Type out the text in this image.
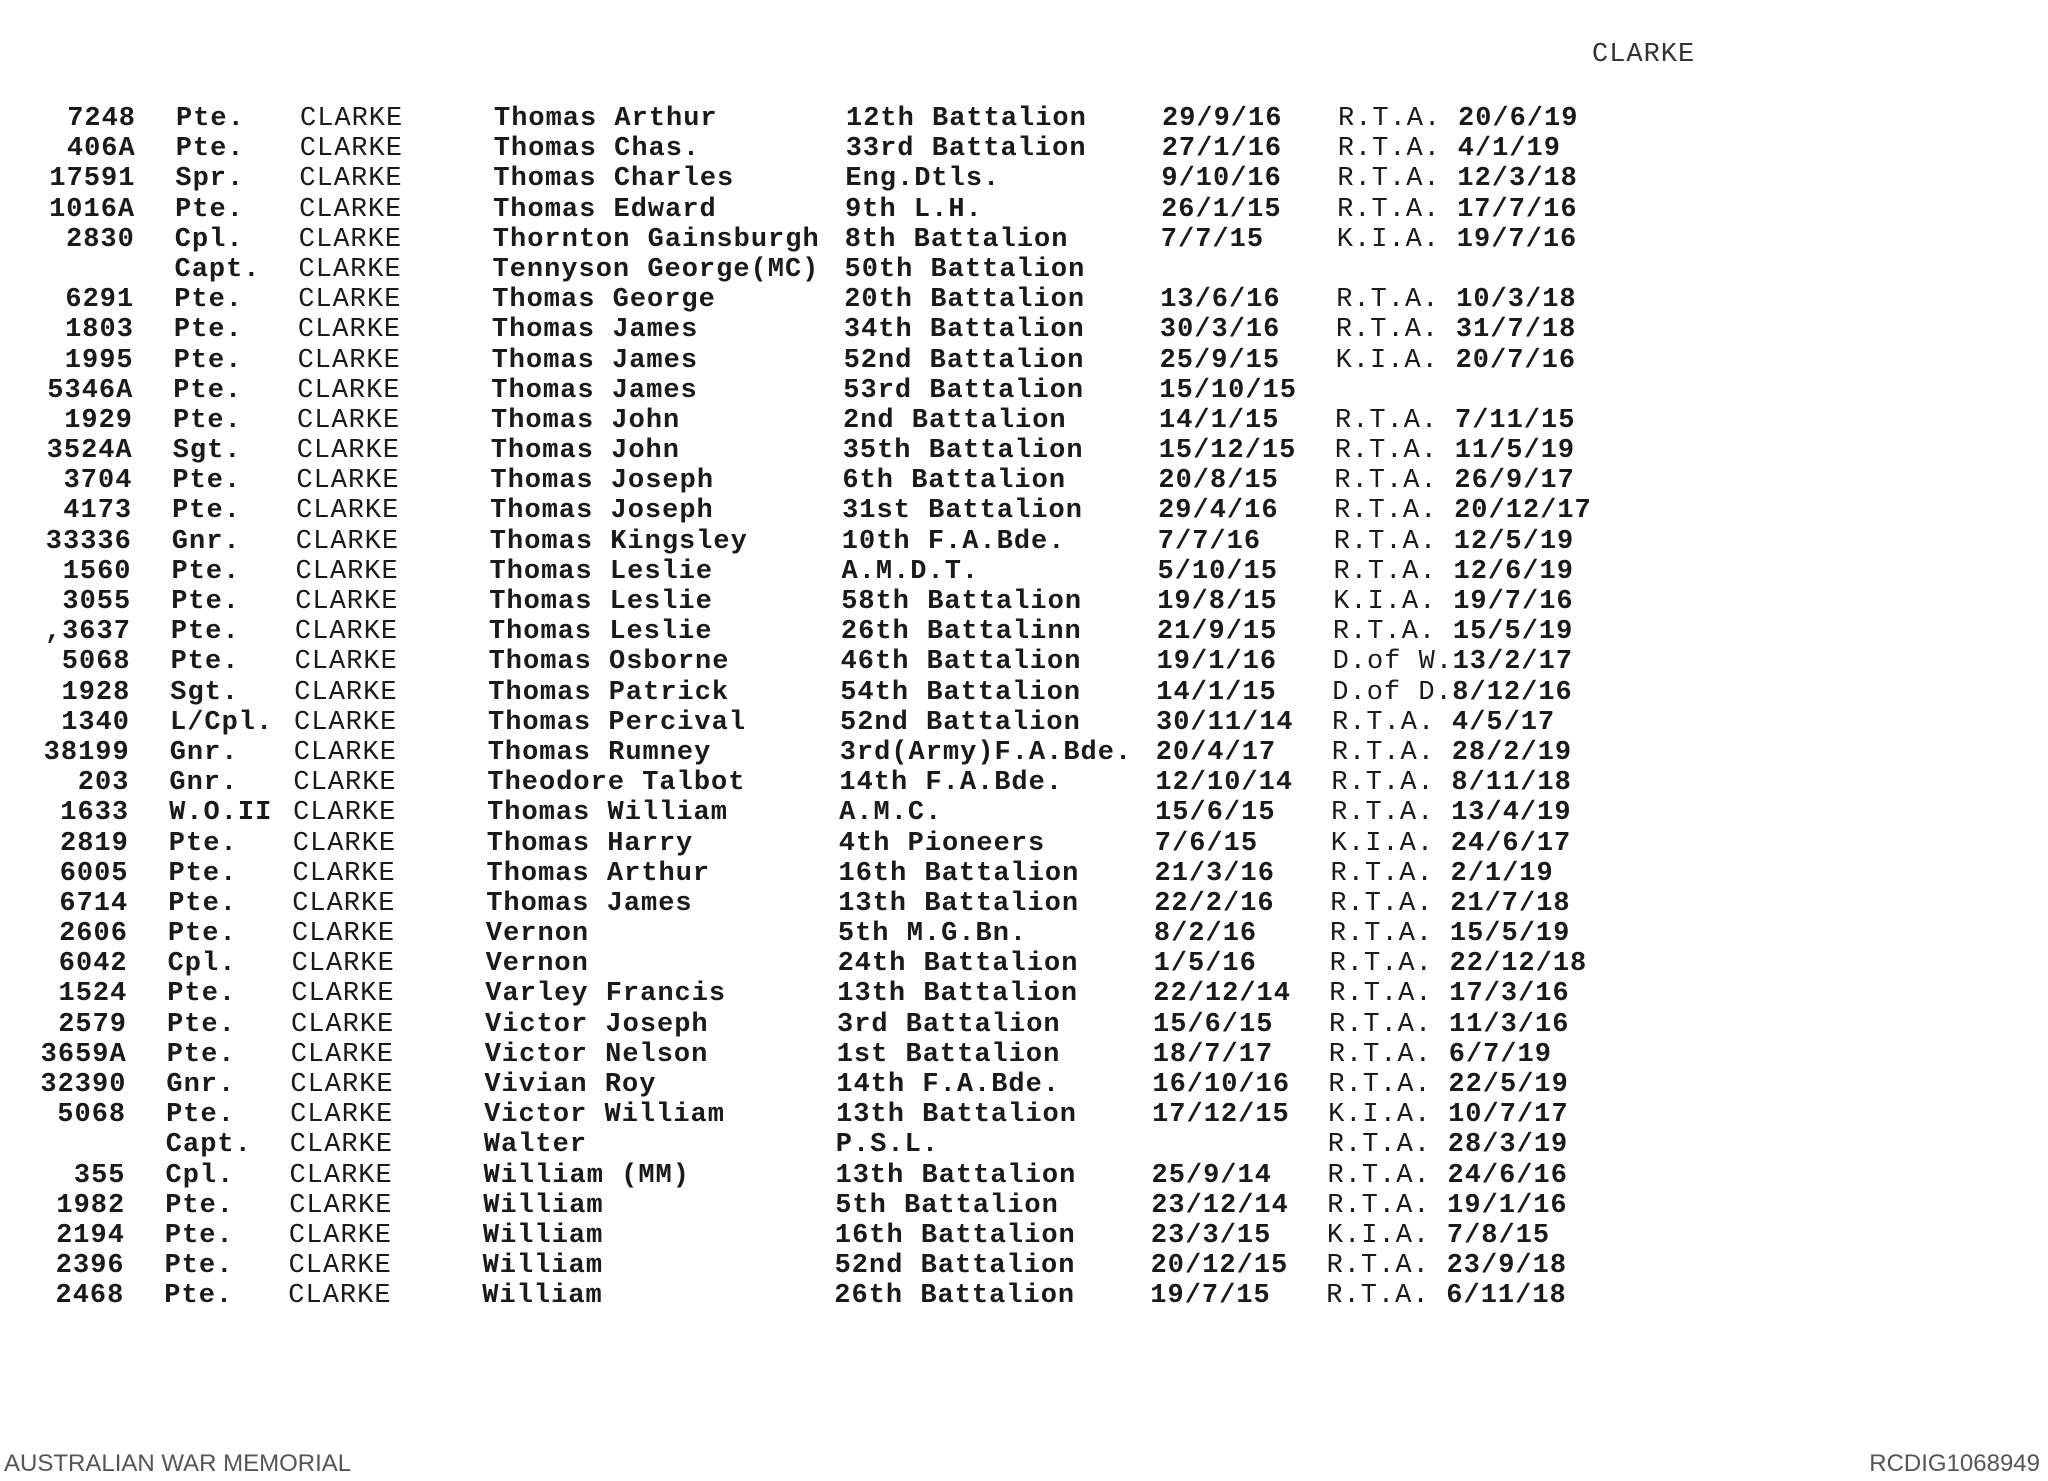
CLARKE
7248 Pte. CLARKE	Thomas Arthur	12th Battalion	29/9/16 R.T.A. 20/6/19
406A Pte. CLARKE	Thomas Chas.	33rd Battalion	27/1/16 R.T.A. 4/1/19
17591 Spr. CLARKE	Thomas Charles	Eng.Dtls.	9/10/16 R.T.A. 12/3/18
1016A Pte. CLARKE	Thomas Edward	9th L.H.	26/1/15 R.T.A. 17/7/16
2830 Cpl. CLARKE	Thornton Gainsburgh 8th Battalion	7/7/15	K.I.A. 19/7/16
Capt. CLARKE	Tennyson George(MC) 50th Battalion
6291 Pte. CLARKE	Thomas George	20th Battalion	13/6/16 R.T.A. 10/3/18
1803 Pte. CLARKE	Thomas James	34th Battalion	30/3/16 R.T.A. 31/7/18
1995 Pte. CLARKE	Thomas James	52nd Battalion	25/9/15 K.I.A. 20/7/16
5346A Pte. CLARKE	Thomas James	53rd Battalion	15/10/15
1929 Pte. CLARKE	Thomas John	2nd Battalion	14/1/15 R.T.A. 7/11/15
3524A Sgt. CLARKE	Thomas John	35th Battalion	15/12/15 R.T.A. 11/5/19
3704 Pte. CLARKE	Thomas Joseph	6th Battalion	20/8/15 R.T.A. 26/9/17
4173 Pte. CLARKE	Thomas Joseph	31st Battalion	29/4/16 R.T.A. 20/12/17
33336 Gnr. CLARKE	Thomas Kingsley	10th F.A.Bde.	7/7/16	R.T.A. 12/5/19
1560 Pte. CLARKE	Thomas Leslie	A.M.D.T.	5/10/15 R.T.A. 12/6/19
3055 Pte. CLARKE	Thomas Leslie	58th Battalion	19/8/15 K.I.A. 19/7/16
,3637 Pte. CLARKE	Thomas Leslie	26th Battalinn	21/9/15 R.T.A. 15/5/19
5068 Pte. CLARKE	Thomas Osborne	46th Battalion	19/1/16 D.of W. 13/2/17
1928 Sgt. CLARKE	Thomas Patrick	54th Battalion	14/1/15 D.of D. 8/12/16
1340 L/Cpl. CLARKE	Thomas Percival	52nd Battalion	30/11/14 R.T.A. 4/5/17
38199 Gnr. CLARKE	Thomas Rumney	3rd(Army)F.A.Bde. 20/4/17 R.T.A. 28/2/19
203 Gnr. CLARKE	Theodore Talbot	14th F.A.Bde.	12/10/14 R.T.A. 8/11/18
1633 W.O.II CLARKE	Thomas William	A.M.C.	15/6/15 R.T.A. 13/4/19
2819 Pte. CLARKE	Thomas Harry	4th Pioneers	7/6/15	K.I.A. 24/6/17
6005 Pte. CLARKE	Thomas Arthur	16th Battalion	21/3/16 R.T.A. 2/1/19
6714 Pte. CLARKE	Thomas James	13th Battalion	22/2/16 R.T.A. 21/7/18
2606 Pte. CLARKE	Vernon	5th M.G.Bn.	8/2/16	R.T.A. 15/5/19
6042 Cpl. CLARKE	Vernon	24th Battalion	1/5/16	R.T.A. 22/12/18
1524 Pte. CLARKE	Varley Francis	13th Battalion	22/12/14 R.T.A. 17/3/16
2579 Pte. CLARKE	Victor Joseph	3rd Battalion	15/6/15 R.T.A. 11/3/16
3659A Pte. CLARKE	Victor Nelson	1st Battalion	18/7/17 R.T.A. 6/7/19
32390 Gnr. CLARKE	Vivian Roy	14th F.A.Bde.	16/10/16 R.T.A. 22/5/19
5068 Pte. CLARKE	Victor William	13th Battalion	17/12/15 K.I.A. 10/7/17
Capt. CLARKE	Walter	P.S.L.	R.T.A. 28/3/19
355 Cpl. CLARKE	William (MM)	13th Battalion	25/9/14 R.T.A. 24/6/16
1982 Pte. CLARKE	William	5th Battalion	23/12/14 R.T.A. 19/1/16
2194 Pte. CLARKE	William	16th Battalion	23/3/15 K.I.A. 7/8/15
2396 Pte. CLARKE	William	52nd Battalion	20/12/15 R.T.A. 23/9/18
2468 Pte. CLARKE	William	26th Battalion	19/7/15 R.T.A. 6/11/18
AUSTRALIAN WAR MEMORIAL	RCDIG1068949
